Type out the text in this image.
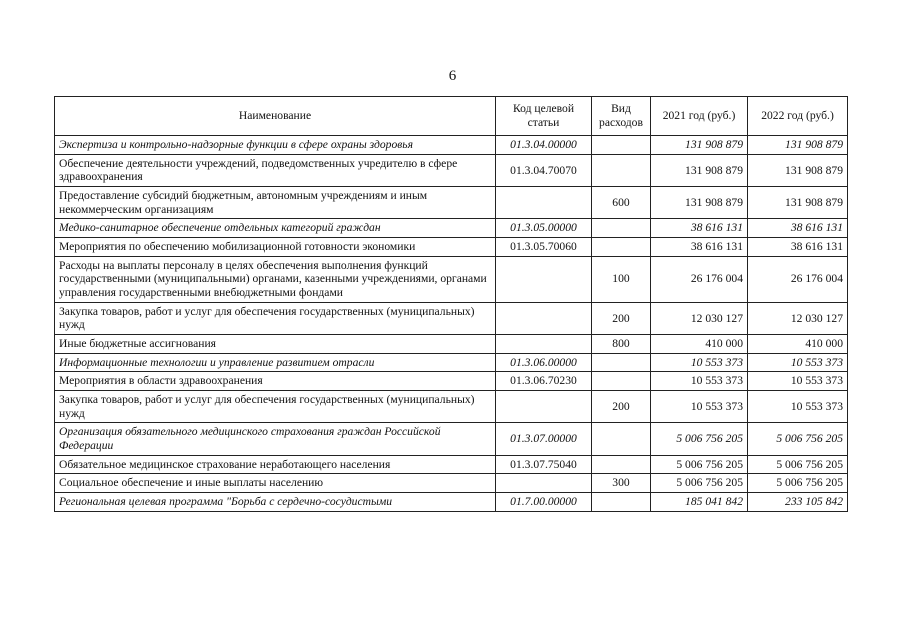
6
Наименование	Код целевой статьи	Вид расходов	2021 год (руб.)	2022 год (руб.)
Экспертиза и контрольно-надзорные функции в сфере охраны здоровья	01.3.04.00000		131 908 879	131 908 879
Обеспечение деятельности учреждений, подведомственных учредителю в сфере здравоохранения	01.3.04.70070		131 908 879	131 908 879
Предоставление субсидий бюджетным, автономным учреждениям и иным некоммерческим организациям		600	131 908 879	131 908 879
Медико-санитарное обеспечение отдельных категорий граждан	01.3.05.00000		38 616 131	38 616 131
Мероприятия по обеспечению мобилизационной готовности экономики	01.3.05.70060		38 616 131	38 616 131
Расходы на выплаты персоналу в целях обеспечения выполнения функций государственными (муниципальными) органами, казенными учреждениями, органами управления государственными внебюджетными фондами		100	26 176 004	26 176 004
Закупка товаров, работ и услуг для обеспечения государственных (муниципальных) нужд		200	12 030 127	12 030 127
Иные бюджетные ассигнования		800	410 000	410 000
Информационные технологии и управление развитием отрасли	01.3.06.00000		10 553 373	10 553 373
Мероприятия в области здравоохранения	01.3.06.70230		10 553 373	10 553 373
Закупка товаров, работ и услуг для обеспечения государственных (муниципальных) нужд		200	10 553 373	10 553 373
Организация обязательного медицинского страхования граждан Российской Федерации	01.3.07.00000		5 006 756 205	5 006 756 205
Обязательное медицинское страхование неработающего населения	01.3.07.75040		5 006 756 205	5 006 756 205
Социальное обеспечение и иные выплаты населению		300	5 006 756 205	5 006 756 205
Региональная целевая программа "Борьба с сердечно-сосудистыми	01.7.00.00000		185 041 842	233 105 842
